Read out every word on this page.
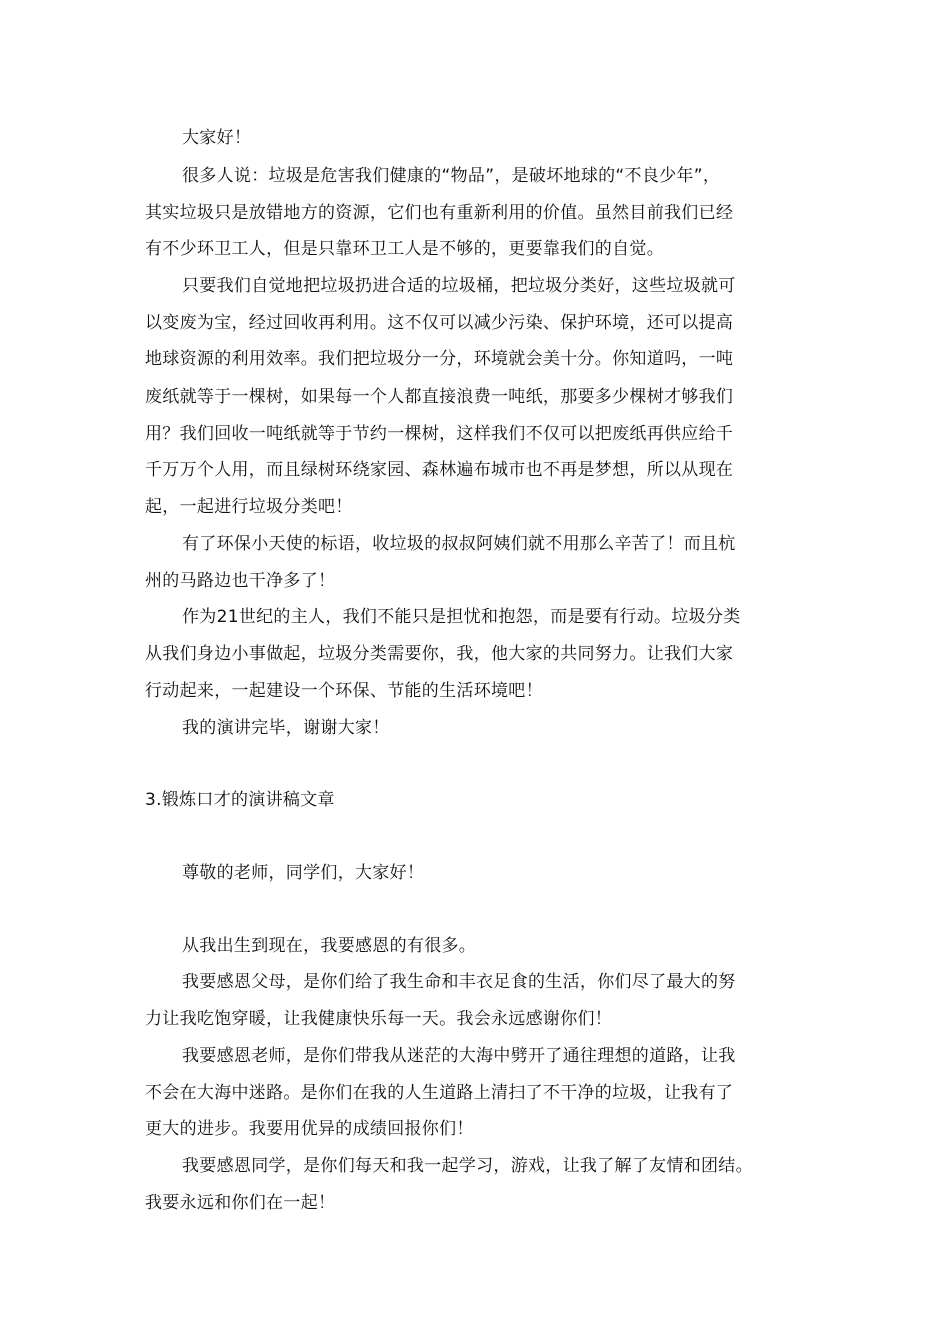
大家好！
很多人说：垃圾是危害我们健康的“物品”，是破坏地球的“不良少年”，
其实垃圾只是放错地方的资源，它们也有重新利用的价值。虽然目前我们已经
有不少环卫工人，但是只靠环卫工人是不够的，更要靠我们的自觉。
只要我们自觉地把垃圾扔进合适的垃圾桶，把垃圾分类好，这些垃圾就可
以变废为宝，经过回收再利用。这不仅可以减少污染、保护环境，还可以提高
地球资源的利用效率。我们把垃圾分一分，环境就会美十分。你知道吗，一吨
废纸就等于一棵树，如果每一个人都直接浪费一吨纸，那要多少棵树才够我们
用？我们回收一吨纸就等于节约一棵树，这样我们不仅可以把废纸再供应给千
千万万个人用，而且绿树环绕家园、森林遍布城市也不再是梦想，所以从现在
起，一起进行垃圾分类吧！
有了环保小天使的标语，收垃圾的叔叔阿姨们就不用那么辛苦了！而且杭
州的马路边也干净多了！
作为21世纪的主人，我们不能只是担忧和抱怨，而是要有行动。垃圾分类
从我们身边小事做起，垃圾分类需要你，我，他大家的共同努力。让我们大家
行动起来，一起建设一个环保、节能的生活环境吧！
我的演讲完毕，谢谢大家！
3.锻炼口才的演讲稿文章
尊敬的老师，同学们，大家好！
从我出生到现在，我要感恩的有很多。
我要感恩父母，是你们给了我生命和丰衣足食的生活，你们尽了最大的努
力让我吃饱穿暖，让我健康快乐每一天。我会永远感谢你们！
我要感恩老师，是你们带我从迷茫的大海中劈开了通往理想的道路，让我
不会在大海中迷路。是你们在我的人生道路上清扫了不干净的垃圾，让我有了
更大的进步。我要用优异的成绩回报你们！
我要感恩同学，是你们每天和我一起学习，游戏，让我了解了友情和团结。
我要永远和你们在一起！
